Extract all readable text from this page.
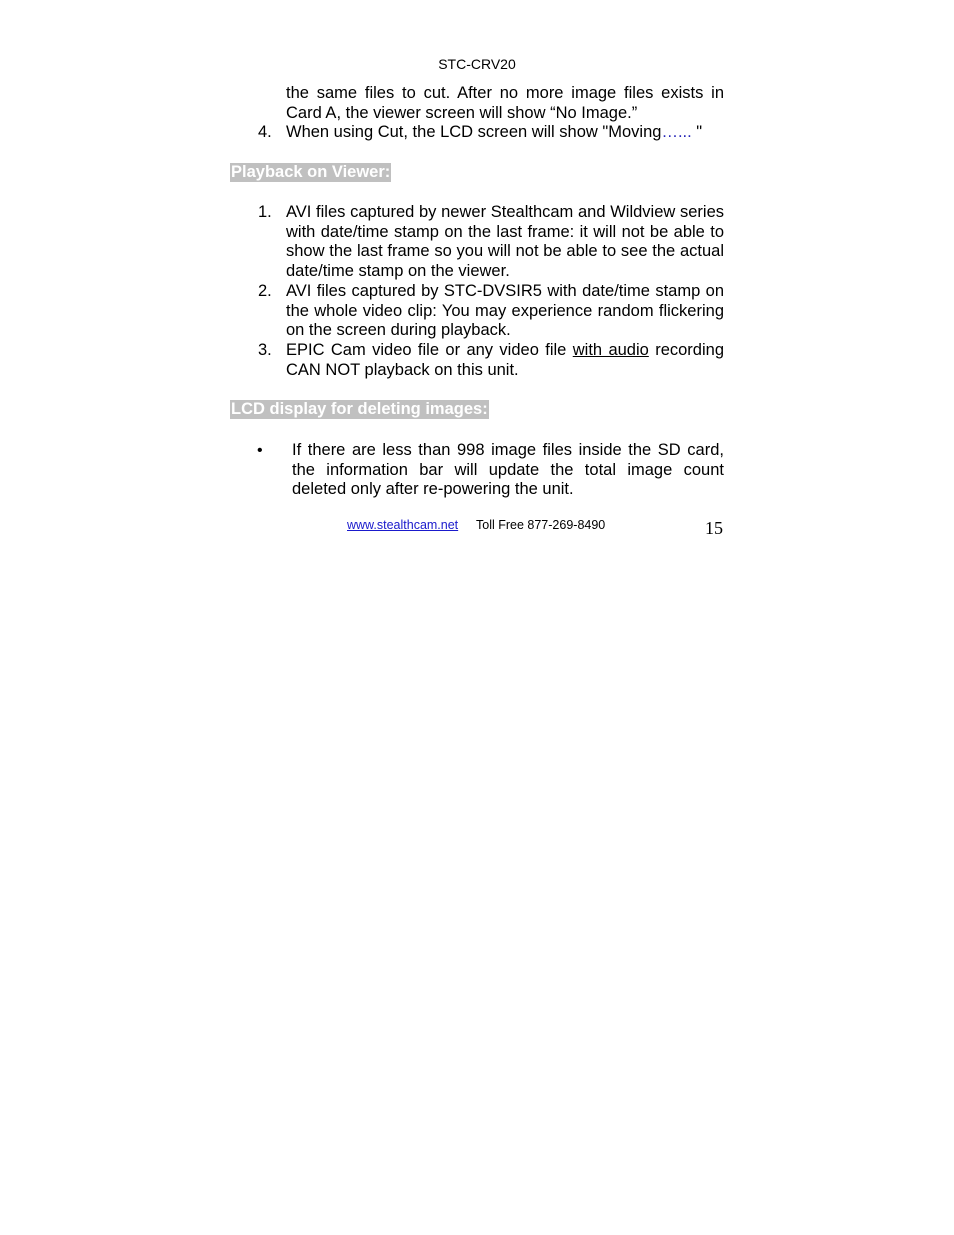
STC-CRV20
the same files to cut. After no more image files exists in Card A, the viewer screen will show “No Image.”
4. When using Cut, the LCD screen will show "Moving…... "
Playback on Viewer:
1. AVI files captured by newer Stealthcam and Wildview series with date/time stamp on the last frame: it will not be able to show the last frame so you will not be able to see the actual date/time stamp on the viewer.
2. AVI files captured by STC-DVSIR5 with date/time stamp on the whole video clip: You may experience random flickering on the screen during playback.
3. EPIC Cam video file or any video file with audio recording CAN NOT playback on this unit.
LCD display for deleting images:
•	If there are less than 998 image files inside the SD card, the information bar will update the total image count deleted only after re-powering the unit.
www.stealthcam.net Toll Free 877-269-8490	15
